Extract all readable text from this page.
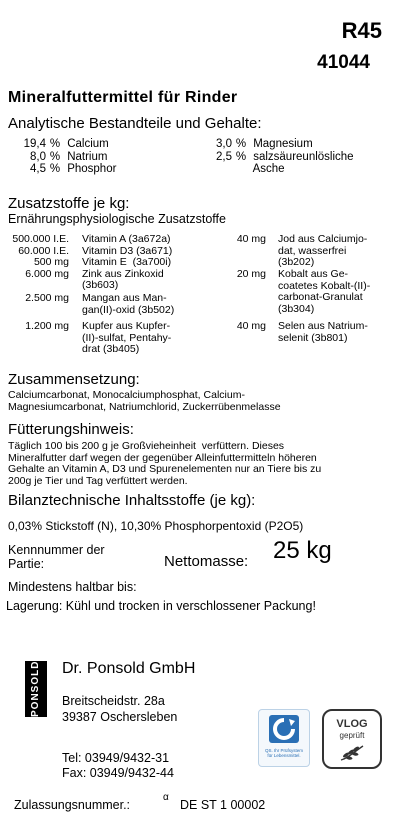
R45
41044
Mineralfuttermittel für Rinder
Analytische Bestandteile und Gehalte:
19,4 % Calcium
8,0 % Natrium
4,5 % Phosphor
3,0 % Magnesium
2,5 % salzsäureunlösliche
Asche
Zusatzstoffe je kg:
Ernährungsphysiologische Zusatzstoffe
500.000 I.E. Vitamin A (3a672a)
60.000 I.E. Vitamin D3 (3a671)
500 mg Vitamin E  (3a700i)
6.000 mg Zink aus Zinkoxid
(3b603)
2.500 mg Mangan aus Man-
gan(II)-oxid (3b502)
1.200 mg Kupfer aus Kupfer-
(II)-sulfat, Pentahy-
drat (3b405)
40 mg Jod aus Calciumjo-
dat, wasserfrei
(3b202)
20 mg Kobalt aus Ge-
coatetes Kobalt-(II)-
carbonat-Granulat
(3b304)
40 mg Selen aus Natrium-
selenit (3b801)
Zusammensetzung:
Calciumcarbonat, Monocalciumphosphat, Calcium-
Magnesiumcarbonat, Natriumchlorid, Zuckerrübenmelasse
Fütterungshinweis:
Täglich 100 bis 200 g je Großvieheinheit  verfüttern. Dieses
Mineralfutter darf wegen der gegenüber Alleinfuttermitteln höheren
Gehalte an Vitamin A, D3 und Spurenelementen nur an Tiere bis zu
200g je Tier und Tag verfüttert werden.
Bilanztechnische Inhaltsstoffe (je kg):
0,03% Stickstoff (N), 10,30% Phosphorpentoxid (P2O5)
Kennnummer der
Partie:	Nettomasse: 25 kg
Mindestens haltbar bis:
Lagerung: Kühl und trocken in verschlossener Packung!
PONSOLD	Dr. Ponsold GmbH
Breitscheidstr. 28a
39387 Oschersleben
Tel: 03949/9432-31
Fax: 03949/9432-44
QS. Ihr Prüfsystem
für Lebensmittel.
VLOG
geprüft
Zulassungsnummer.:
α
DE ST 1 00002
